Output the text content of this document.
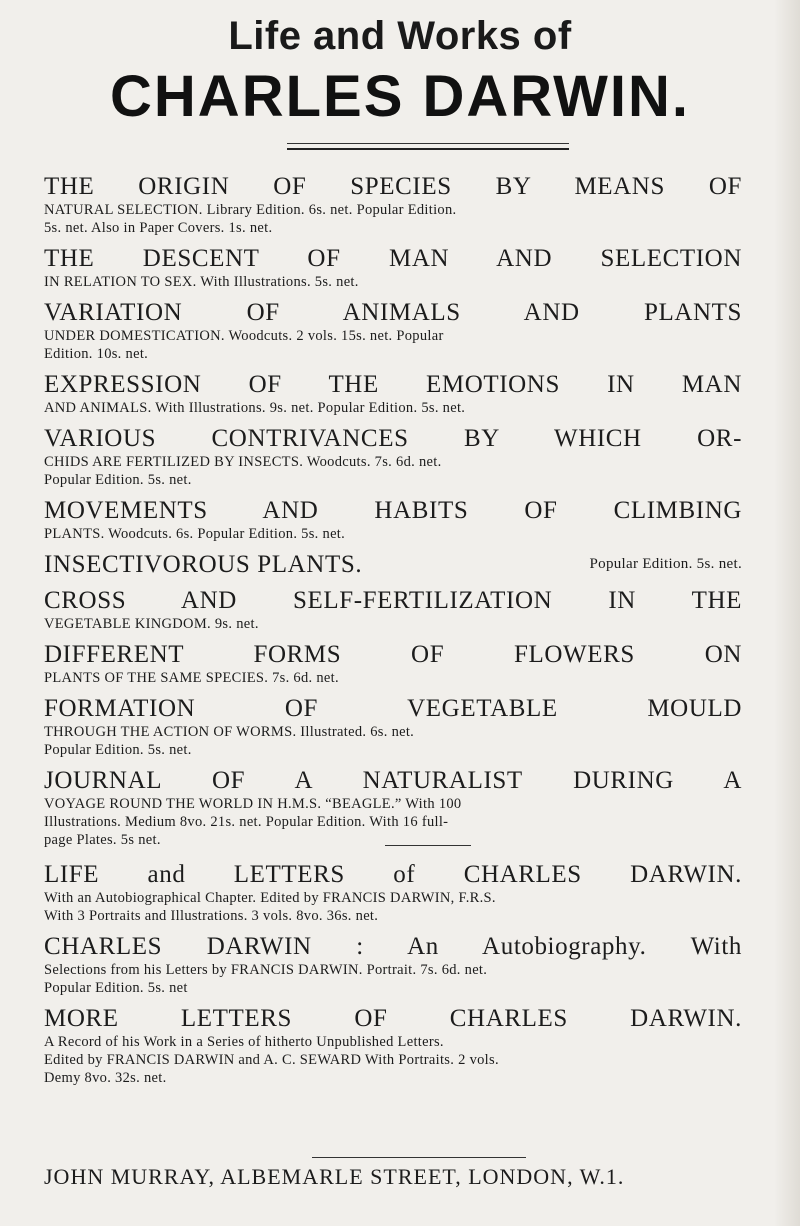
Life and Works of
CHARLES DARWIN.
THE ORIGIN OF SPECIES BY MEANS OF
NATURAL SELECTION. Library Edition. 6s. net. Popular Edition.
5s. net. Also in Paper Covers. 1s. net.
THE DESCENT OF MAN AND SELECTION
IN RELATION TO SEX. With Illustrations. 5s. net.
VARIATION OF ANIMALS AND PLANTS
UNDER DOMESTICATION. Woodcuts. 2 vols. 15s. net. Popular
Edition. 10s. net.
EXPRESSION OF THE EMOTIONS IN MAN
AND ANIMALS. With Illustrations. 9s. net. Popular Edition. 5s. net.
VARIOUS CONTRIVANCES BY WHICH OR-
CHIDS ARE FERTILIZED BY INSECTS. Woodcuts. 7s. 6d. net.
Popular Edition. 5s. net.
MOVEMENTS AND HABITS OF CLIMBING
PLANTS. Woodcuts. 6s. Popular Edition. 5s. net.
Popular Edition. 5s. net.
INSECTIVOROUS PLANTS.
CROSS AND SELF-FERTILIZATION IN THE
VEGETABLE KINGDOM. 9s. net.
DIFFERENT FORMS OF FLOWERS ON
PLANTS OF THE SAME SPECIES. 7s. 6d. net.
FORMATION OF VEGETABLE MOULD
THROUGH THE ACTION OF WORMS. Illustrated. 6s. net.
Popular Edition. 5s. net.
JOURNAL OF A NATURALIST DURING A
VOYAGE ROUND THE WORLD IN H.M.S. “BEAGLE.” With 100
Illustrations. Medium 8vo. 21s. net. Popular Edition. With 16 full-
page Plates. 5s net.
LIFE and LETTERS of CHARLES DARWIN.
With an Autobiographical Chapter. Edited by FRANCIS DARWIN, F.R.S.
With 3 Portraits and Illustrations. 3 vols. 8vo. 36s. net.
CHARLES DARWIN : An Autobiography. With
Selections from his Letters by FRANCIS DARWIN. Portrait. 7s. 6d. net.
Popular Edition. 5s. net
MORE LETTERS OF CHARLES DARWIN.
A Record of his Work in a Series of hitherto Unpublished Letters.
Edited by FRANCIS DARWIN and A. C. SEWARD With Portraits. 2 vols.
Demy 8vo. 32s. net.
JOHN MURRAY, ALBEMARLE STREET, LONDON, W.1.
